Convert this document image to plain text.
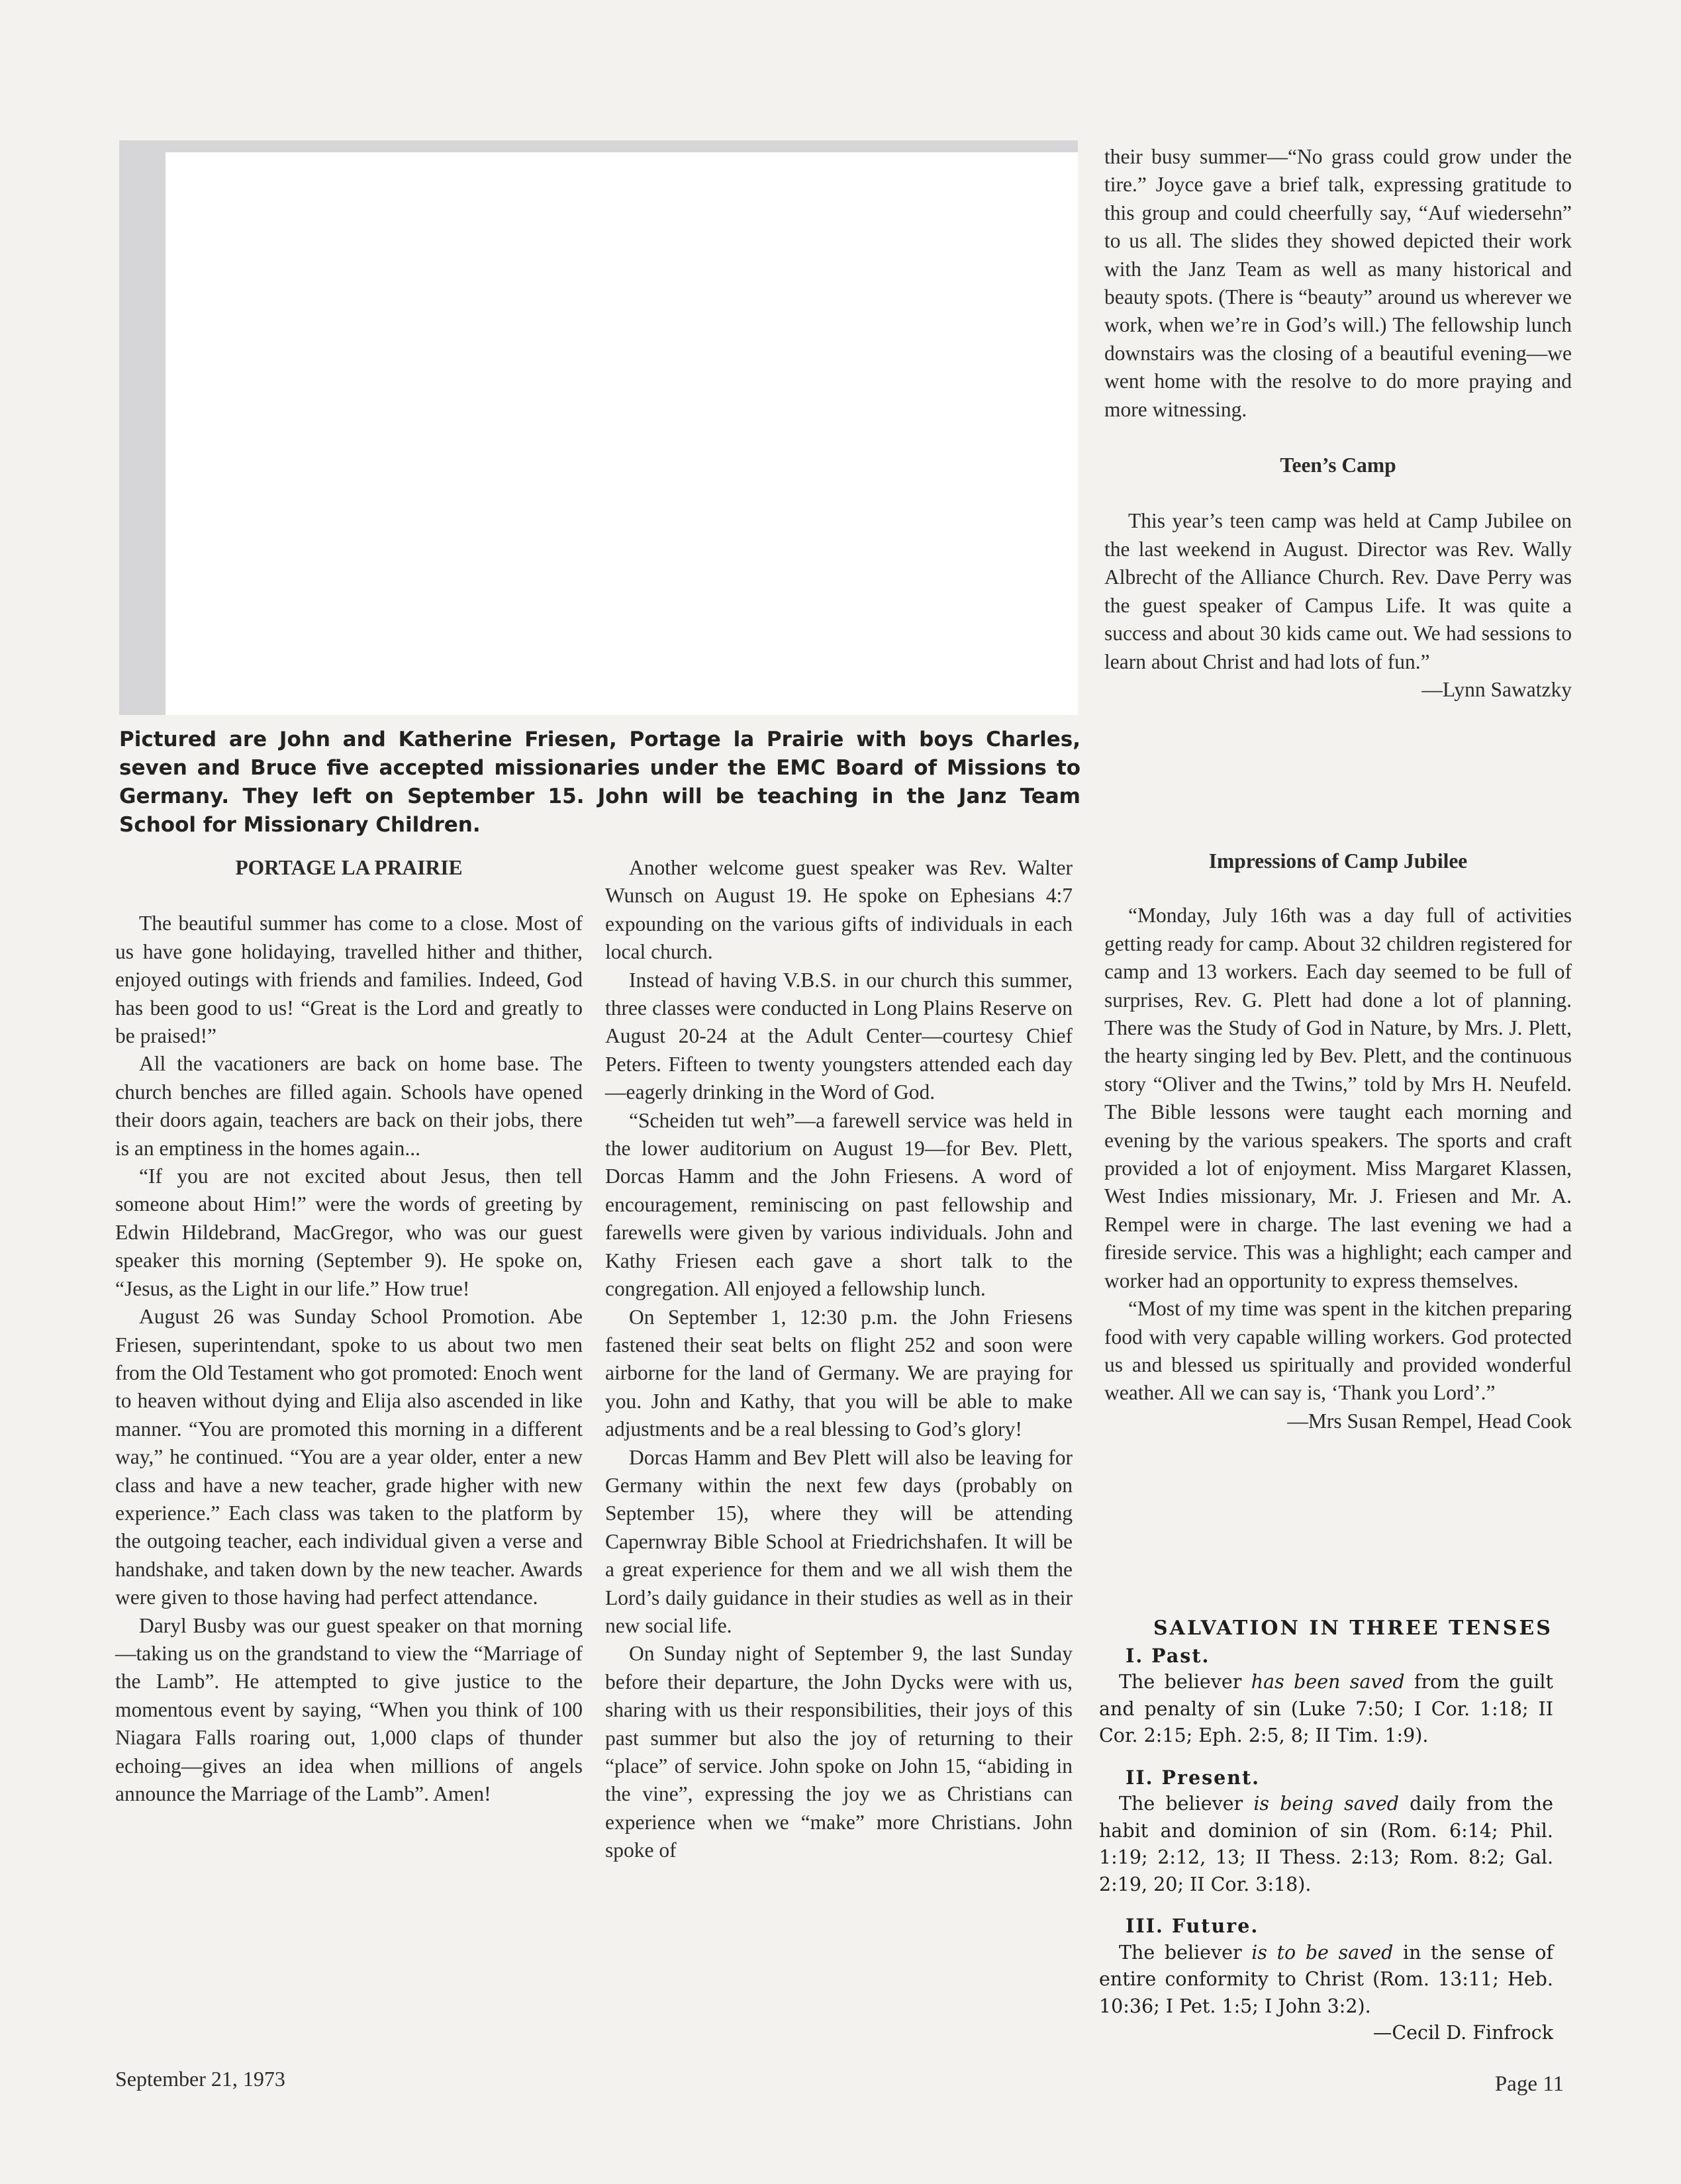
Pictured are John and Katherine Friesen, Portage la Prairie with boys Charles, seven and Bruce five accepted missionaries under the EMC Board of Missions to Germany. They left on September 15. John will be teaching in the Janz Team School for Missionary Children.

PORTAGE LA PRAIRIE

The beautiful summer has come to a close. Most of us have gone holidaying, travelled hither and thither, enjoyed outings with friends and families. Indeed, God has been good to us! “Great is the Lord and greatly to be praised!”

All the vacationers are back on home base. The church benches are filled again. Schools have opened their doors again, teachers are back on their jobs, there is an emptiness in the homes again...

“If you are not excited about Jesus, then tell someone about Him!” were the words of greeting by Edwin Hildebrand, MacGregor, who was our guest speaker this morning (September 9). He spoke on, “Jesus, as the Light in our life.” How true!

August 26 was Sunday School Promotion. Abe Friesen, superintendant, spoke to us about two men from the Old Testament who got promoted: Enoch went to heaven without dying and Elija also ascended in like manner. “You are promoted this morning in a different way,” he continued. “You are a year older, enter a new class and have a new teacher, grade higher with new experience.” Each class was taken to the platform by the outgoing teacher, each individual given a verse and handshake, and taken down by the new teacher. Awards were given to those having had perfect attendance.

Daryl Busby was our guest speaker on that morning—taking us on the grandstand to view the “Marriage of the Lamb”. He attempted to give justice to the momentous event by saying, “When you think of 100 Niagara Falls roaring out, 1,000 claps of thunder echoing—gives an idea when millions of angels announce the Marriage of the Lamb”. Amen!

Another welcome guest speaker was Rev. Walter Wunsch on August 19. He spoke on Ephesians 4:7 expounding on the various gifts of individuals in each local church.

Instead of having V.B.S. in our church this summer, three classes were conducted in Long Plains Reserve on August 20-24 at the Adult Center—courtesy Chief Peters. Fifteen to twenty youngsters attended each day—eagerly drinking in the Word of God.

“Scheiden tut weh”—a farewell service was held in the lower auditorium on August 19—for Bev. Plett, Dorcas Hamm and the John Friesens. A word of encouragement, reminiscing on past fellowship and farewells were given by various individuals. John and Kathy Friesen each gave a short talk to the congregation. All enjoyed a fellowship lunch.

On September 1, 12:30 p.m. the John Friesens fastened their seat belts on flight 252 and soon were airborne for the land of Germany. We are praying for you. John and Kathy, that you will be able to make adjustments and be a real blessing to God’s glory!

Dorcas Hamm and Bev Plett will also be leaving for Germany within the next few days (probably on September 15), where they will be attending Capernwray Bible School at Friedrichshafen. It will be a great experience for them and we all wish them the Lord’s daily guidance in their studies as well as in their new social life.

On Sunday night of September 9, the last Sunday before their departure, the John Dycks were with us, sharing with us their responsibilities, their joys of this past summer but also the joy of returning to their “place” of service. John spoke on John 15, “abiding in the vine”, expressing the joy we as Christians can experience when we “make” more Christians. John spoke of

their busy summer—“No grass could grow under the tire.” Joyce gave a brief talk, expressing gratitude to this group and could cheerfully say, “Auf wiedersehn” to us all. The slides they showed depicted their work with the Janz Team as well as many historical and beauty spots. (There is “beauty” around us wherever we work, when we’re in God’s will.) The fellowship lunch downstairs was the closing of a beautiful evening—we went home with the resolve to do more praying and more witnessing.

Teen’s Camp

This year’s teen camp was held at Camp Jubilee on the last weekend in August. Director was Rev. Wally Albrecht of the Alliance Church. Rev. Dave Perry was the guest speaker of Campus Life. It was quite a success and about 30 kids came out. We had sessions to learn about Christ and had lots of fun.”

—Lynn Sawatzky

Impressions of Camp Jubilee

“Monday, July 16th was a day full of activities getting ready for camp. About 32 children registered for camp and 13 workers. Each day seemed to be full of surprises, Rev. G. Plett had done a lot of planning. There was the Study of God in Nature, by Mrs. J. Plett, the hearty singing led by Bev. Plett, and the continuous story “Oliver and the Twins,” told by Mrs H. Neufeld. The Bible lessons were taught each morning and evening by the various speakers. The sports and craft provided a lot of enjoyment. Miss Margaret Klassen, West Indies missionary, Mr. J. Friesen and Mr. A. Rempel were in charge. The last evening we had a fireside service. This was a highlight; each camper and worker had an opportunity to express themselves.

“Most of my time was spent in the kitchen preparing food with very capable willing workers. God protected us and blessed us spiritually and provided wonderful weather. All we can say is, ‘Thank you Lord’.”

—Mrs Susan Rempel, Head Cook

SALVATION IN THREE TENSES

I. Past.

The believer has been saved from the guilt and penalty of sin (Luke 7:50; I Cor. 1:18; II Cor. 2:15; Eph. 2:5, 8; II Tim. 1:9).

II. Present.

The believer is being saved daily from the habit and dominion of sin (Rom. 6:14; Phil. 1:19; 2:12, 13; II Thess. 2:13; Rom. 8:2; Gal. 2:19, 20; II Cor. 3:18).

III. Future.

The believer is to be saved in the sense of entire conformity to Christ (Rom. 13:11; Heb. 10:36; I Pet. 1:5; I John 3:2).

—Cecil D. Finfrock

September 21, 1973	Page 11
